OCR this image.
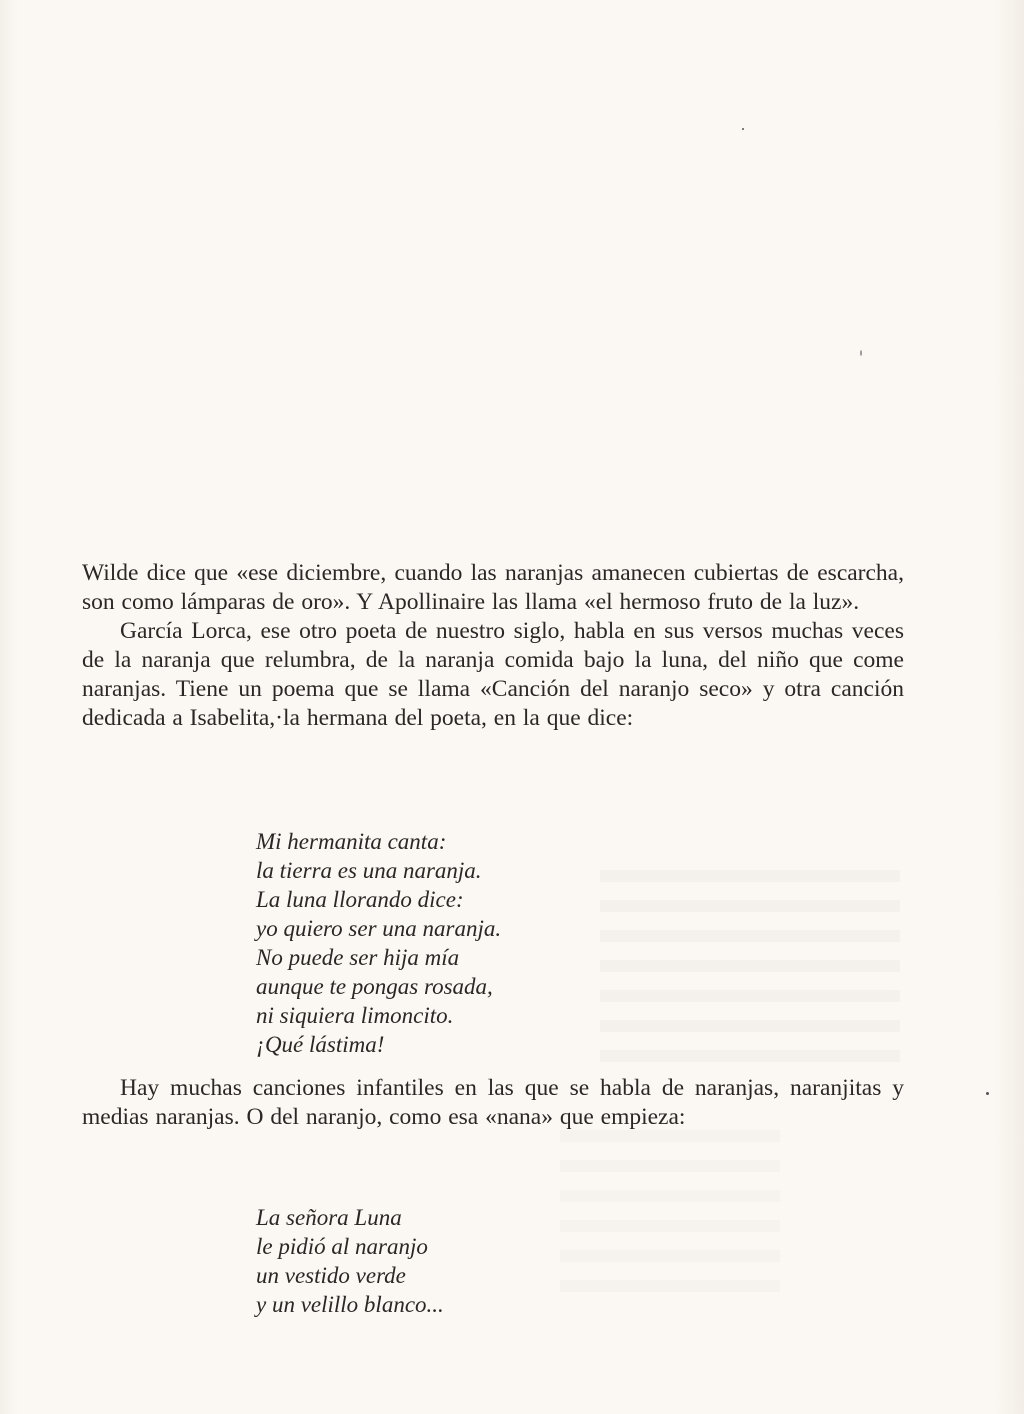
Wilde dice que «ese diciembre, cuando las naranjas amanecen cubiertas de escarcha, son como lámparas de oro». Y Apollinaire las llama «el hermoso fruto de la luz».

García Lorca, ese otro poeta de nuestro siglo, habla en sus versos muchas veces de la naranja que relumbra, de la naranja comida bajo la luna, del niño que come naranjas. Tiene un poema que se llama «Canción del naranjo seco» y otra canción dedicada a Isabelita,·la hermana del poeta, en la que dice:

Mi hermanita canta:
la tierra es una naranja.
La luna llorando dice:
yo quiero ser una naranja.
No puede ser hija mía
aunque te pongas rosada,
ni siquiera limoncito.
¡Qué lástima!

Hay muchas canciones infantiles en las que se habla de naranjas, naranjitas y medias naranjas. O del naranjo, como esa «nana» que empieza:

La señora Luna
le pidió al naranjo
un vestido verde
y un velillo blanco...
